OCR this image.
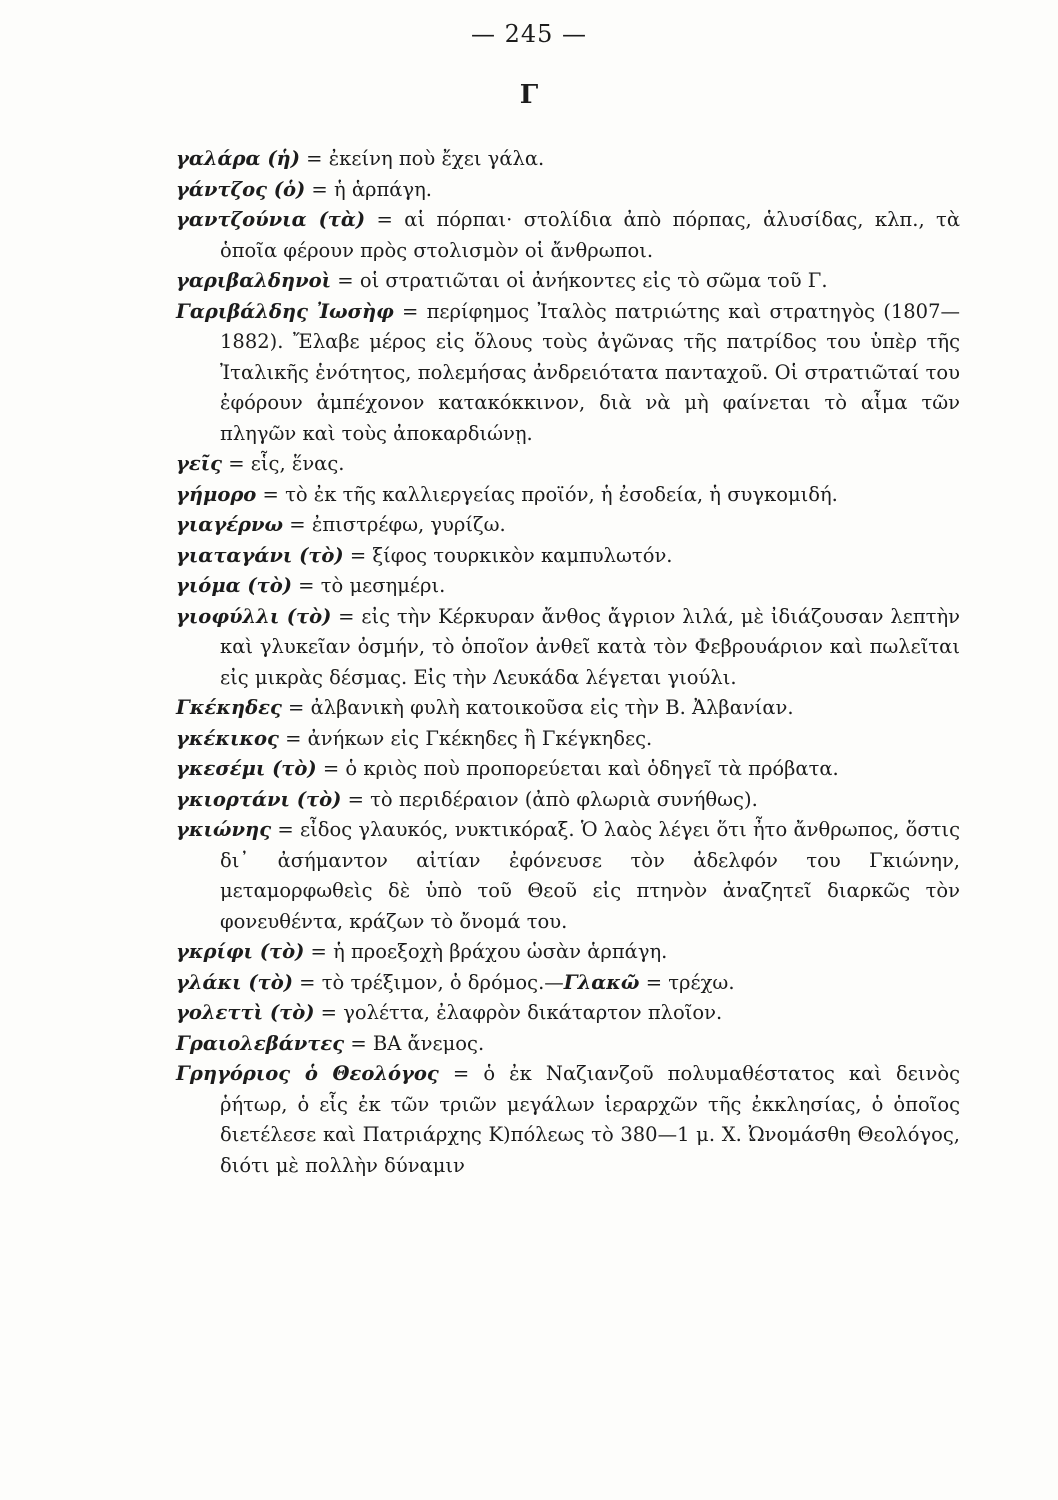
— 245 —
Γ

γαλάρα (ἡ) = ἐκείνη ποὺ ἔχει γάλα.

γάντζος (ὁ) = ἡ ἁρπάγη.

γαντζούνια (τὰ) = αἱ πόρπαι· στολίδια ἀπὸ πόρπας, ἁλυσίδας, κλπ., τὰ ὁποῖα φέρουν πρὸς στολισμὸν οἱ ἄνθρωποι.

γαριβαλδηνοὶ = οἱ στρατιῶται οἱ ἀνήκοντες εἰς τὸ σῶμα τοῦ Γ.

Γαριβάλδης Ἰωσὴφ = περίφημος Ἰταλὸς πατριώτης καὶ στρατηγὸς (1807—1882). Ἔλαβε μέρος εἰς ὅλους τοὺς ἀγῶνας τῆς πατρίδος του ὑπὲρ τῆς Ἰταλικῆς ἑνότητος, πολεμήσας ἀνδρειότατα πανταχοῦ. Οἱ στρατιῶταί του ἐφόρουν ἀμπέχονον κατακόκκινον, διὰ νὰ μὴ φαίνεται τὸ αἷμα τῶν πληγῶν καὶ τοὺς ἀποκαρδιώνῃ.

γεῖς = εἷς, ἕνας.

γήμορο = τὸ ἐκ τῆς καλλιεργείας προϊόν, ἡ ἐσοδεία, ἡ συγκομιδή.

γιαγέρνω = ἐπιστρέφω, γυρίζω.

γιαταγάνι (τὸ) = ξίφος τουρκικὸν καμπυλωτόν.

γιόμα (τὸ) = τὸ μεσημέρι.

γιοφύλλι (τὸ) = εἰς τὴν Κέρκυραν ἄνθος ἄγριον λιλά, μὲ ἰδιάζουσαν λεπτὴν καὶ γλυκεῖαν ὀσμήν, τὸ ὁποῖον ἀνθεῖ κατὰ τὸν Φεβρουάριον καὶ πωλεῖται εἰς μικρὰς δέσμας. Εἰς τὴν Λευκάδα λέγεται γιούλι.

Γκέκηδες = ἀλβανικὴ φυλὴ κατοικοῦσα εἰς τὴν Β. Ἀλβανίαν.

γκέκικος = ἀνήκων εἰς Γκέκηδες ἢ Γκέγκηδες.

γκεσέμι (τὸ) = ὁ κριὸς ποὺ προπορεύεται καὶ ὁδηγεῖ τὰ πρόβατα.

γκιορτάνι (τὸ) = τὸ περιδέραιον (ἀπὸ φλωριὰ συνήθως).

γκιώνης = εἶδος γλαυκός, νυκτικόραξ. Ὁ λαὸς λέγει ὅτι ἦτο ἄνθρωπος, ὅστις δι᾽ ἀσήμαντον αἰτίαν ἐφόνευσε τὸν ἀδελφόν του Γκιώνην, μεταμορφωθεὶς δὲ ὑπὸ τοῦ Θεοῦ εἰς πτηνὸν ἀναζητεῖ διαρκῶς τὸν φονευθέντα, κράζων τὸ ὄνομά του.

γκρίφι (τὸ) = ἡ προεξοχὴ βράχου ὡσὰν ἁρπάγη.

γλάκι (τὸ) = τὸ τρέξιμον, ὁ δρόμος.—Γλακῶ = τρέχω.

γολεττὶ (τὸ) = γολέττα, ἐλαφρὸν δικάταρτον πλοῖον.

Γραιολεβάντες = ΒΑ ἄνεμος.

Γρηγόριος ὁ Θεολόγος = ὁ ἐκ Ναζιανζοῦ πολυμαθέστατος καὶ δεινὸς ῥήτωρ, ὁ εἷς ἐκ τῶν τριῶν μεγάλων ἱεραρχῶν τῆς ἐκκλησίας, ὁ ὁποῖος διετέλεσε καὶ Πατριάρχης Κ)πόλεως τὸ 380—1 μ. Χ. Ὠνομάσθη Θεολόγος, διότι μὲ πολλὴν δύναμιν
